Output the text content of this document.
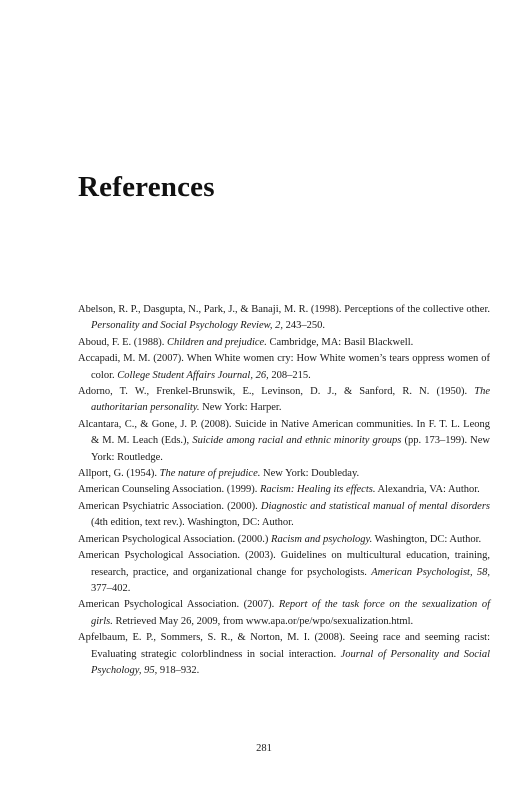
References
Abelson, R. P., Dasgupta, N., Park, J., & Banaji, M. R. (1998). Perceptions of the collective other. Personality and Social Psychology Review, 2, 243–250.
Aboud, F. E. (1988). Children and prejudice. Cambridge, MA: Basil Blackwell.
Accapadi, M. M. (2007). When White women cry: How White women’s tears oppress women of color. College Student Affairs Journal, 26, 208–215.
Adorno, T. W., Frenkel-Brunswik, E., Levinson, D. J., & Sanford, R. N. (1950). The authoritarian personality. New York: Harper.
Alcantara, C., & Gone, J. P. (2008). Suicide in Native American communities. In F. T. L. Leong & M. M. Leach (Eds.), Suicide among racial and ethnic minority groups (pp. 173–199). New York: Routledge.
Allport, G. (1954). The nature of prejudice. New York: Doubleday.
American Counseling Association. (1999). Racism: Healing its effects. Alexandria, VA: Author.
American Psychiatric Association. (2000). Diagnostic and statistical manual of mental disorders (4th edition, text rev.). Washington, DC: Author.
American Psychological Association. (2000.) Racism and psychology. Washington, DC: Author.
American Psychological Association. (2003). Guidelines on multicultural education, training, research, practice, and organizational change for psychologists. American Psychologist, 58, 377–402.
American Psychological Association. (2007). Report of the task force on the sexualization of girls. Retrieved May 26, 2009, from www.apa.or/pe/wpo/sexualization.html.
Apfelbaum, E. P., Sommers, S. R., & Norton, M. I. (2008). Seeing race and seeming racist: Evaluating strategic colorblindness in social interaction. Journal of Personality and Social Psychology, 95, 918–932.
281
